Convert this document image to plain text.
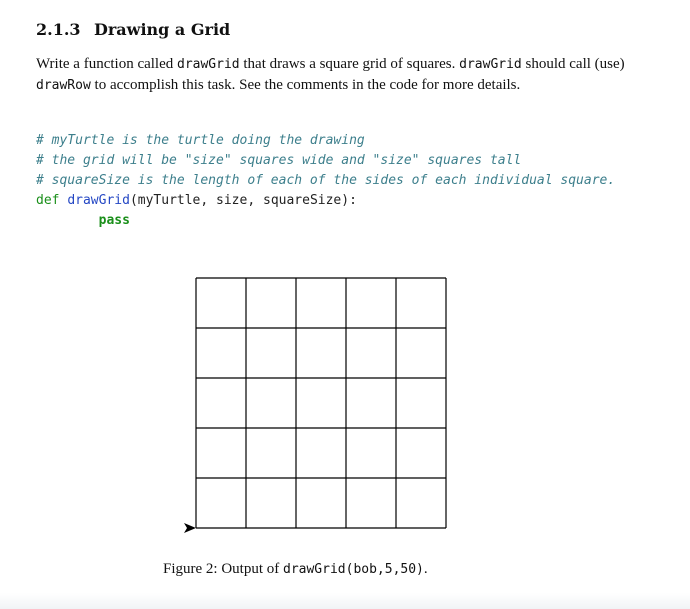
2.1.3 Drawing a Grid

Write a function called drawGrid that draws a square grid of squares. drawGrid should call (use) drawRow to accomplish this task. See the comments in the code for more details.

# myTurtle is the turtle doing the drawing
# the grid will be "size" squares wide and "size" squares tall
# squareSize is the length of each of the sides of each individual square.
def drawGrid(myTurtle, size, squareSize):
pass

Figure 2: Output of drawGrid(bob,5,50).
